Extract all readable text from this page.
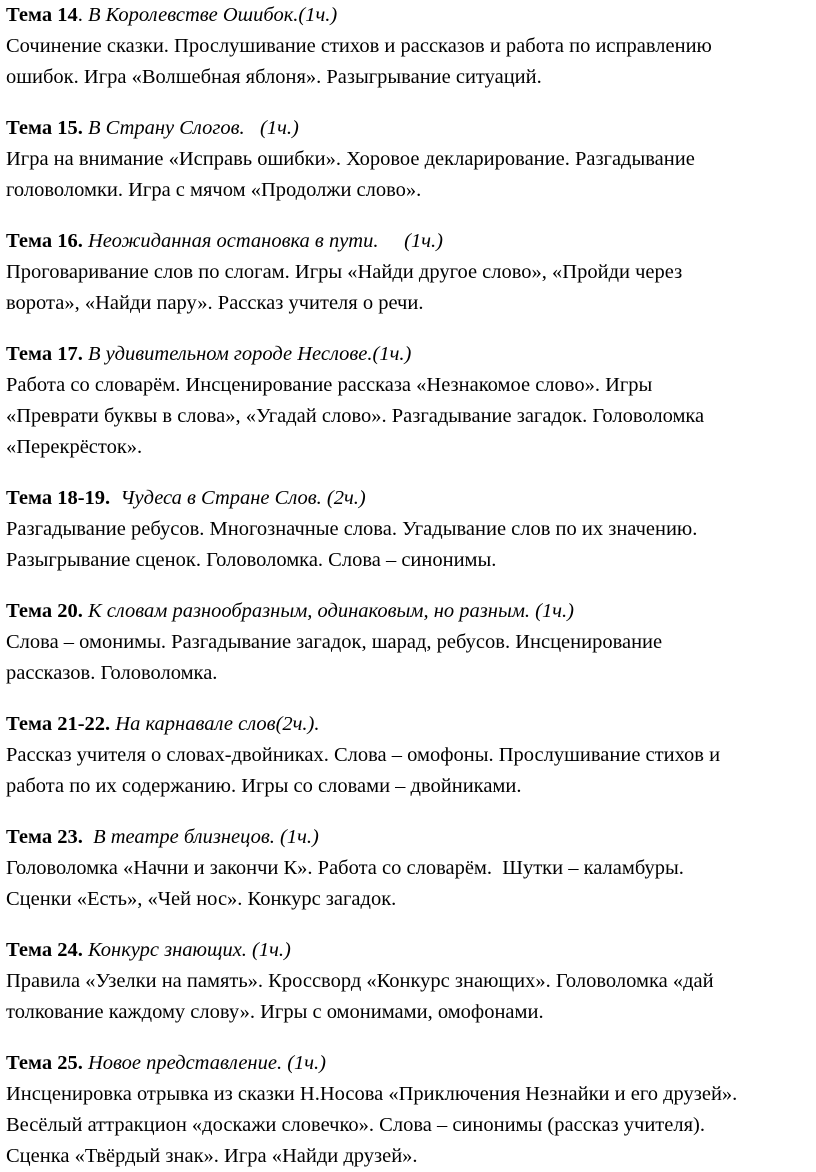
Тема 14. В Королевстве Ошибок.(1ч.)

Сочинение сказки. Прослушивание стихов и рассказов и работа по исправлению

ошибок. Игра «Волшебная яблоня». Разыгрывание ситуаций.

Тема 15. В Страну Слогов.   (1ч.)

Игра на внимание «Исправь ошибки». Хоровое декларирование. Разгадывание

головоломки. Игра с мячом «Продолжи слово».

Тема 16. Неожиданная остановка в пути.     (1ч.)

Проговаривание слов по слогам. Игры «Найди другое слово», «Пройди через

ворота», «Найди пару». Рассказ учителя о речи.

Тема 17. В удивительном городе Неслове.(1ч.)

Работа со словарём. Инсценирование рассказа «Незнакомое слово». Игры

«Преврати буквы в слова», «Угадай слово». Разгадывание загадок. Головоломка

«Перекрёсток».

Тема 18-19. Чудеса в Стране Слов. (2ч.)

Разгадывание ребусов. Многозначные слова. Угадывание слов по их значению.

Разыгрывание сценок. Головоломка. Слова – синонимы.

Тема 20. К словам разнообразным, одинаковым, но разным. (1ч.)

Слова – омонимы. Разгадывание загадок, шарад, ребусов. Инсценирование

рассказов. Головоломка.

Тема 21-22. На карнавале слов(2ч.).

Рассказ учителя о словах-двойниках. Слова – омофоны. Прослушивание стихов и

работа по их содержанию. Игры со словами – двойниками.

Тема 23. В театре близнецов. (1ч.)

Головоломка «Начни и закончи К». Работа со словарём.  Шутки – каламбуры.

Сценки «Есть», «Чей нос». Конкурс загадок.

Тема 24. Конкурс знающих. (1ч.)

Правила «Узелки на память». Кроссворд «Конкурс знающих». Головоломка «дай

толкование каждому слову». Игры с омонимами, омофонами.

Тема 25. Новое представление. (1ч.)

Инсценировка отрывка из сказки Н.Носова «Приключения Незнайки и его друзей».

Весёлый аттракцион «доскажи словечко». Слова – синонимы (рассказ учителя).

Сценка «Твёрдый знак». Игра «Найди друзей».
